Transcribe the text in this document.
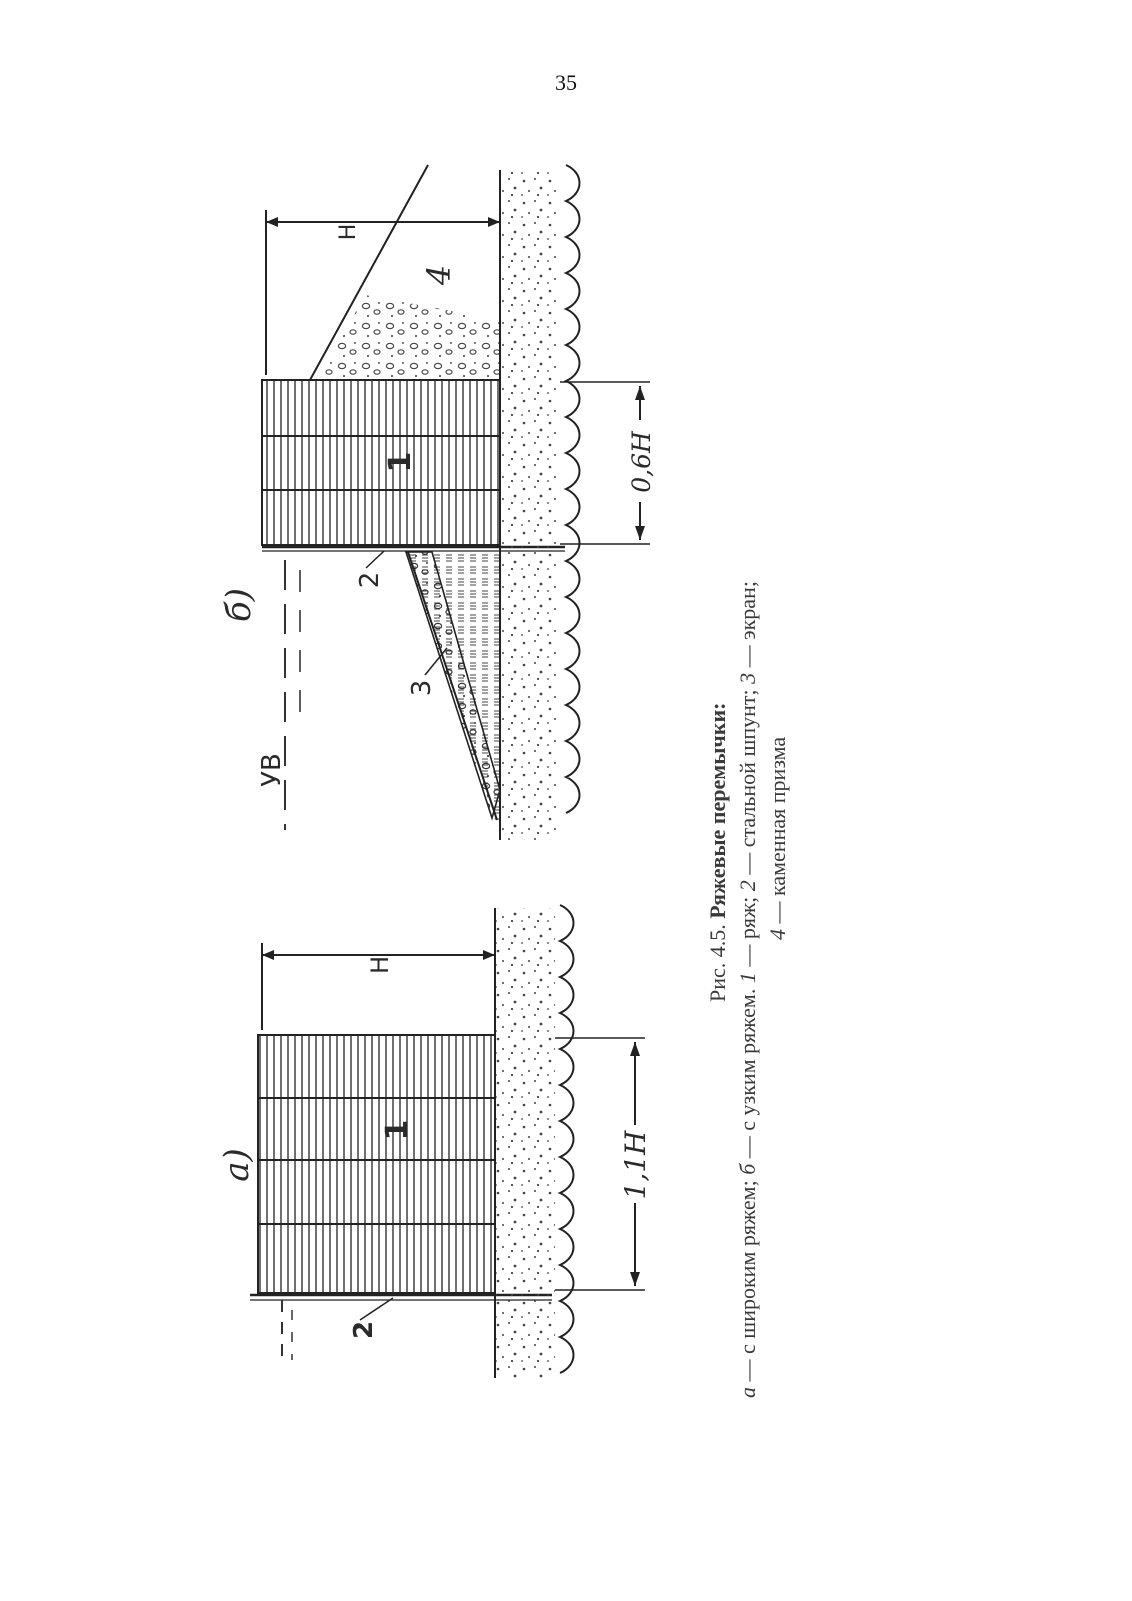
35
Н
1,1Н
а)
1
2
Н
0,6Н
б)
УВ
4
1
2
3
Рис. 4.5. Ряжевые перемычки:
а — с широким ряжем; б — с узким ряжем. 1 — ряж; 2 — стальной шпунт; 3 — экран;
4 — каменная призма
